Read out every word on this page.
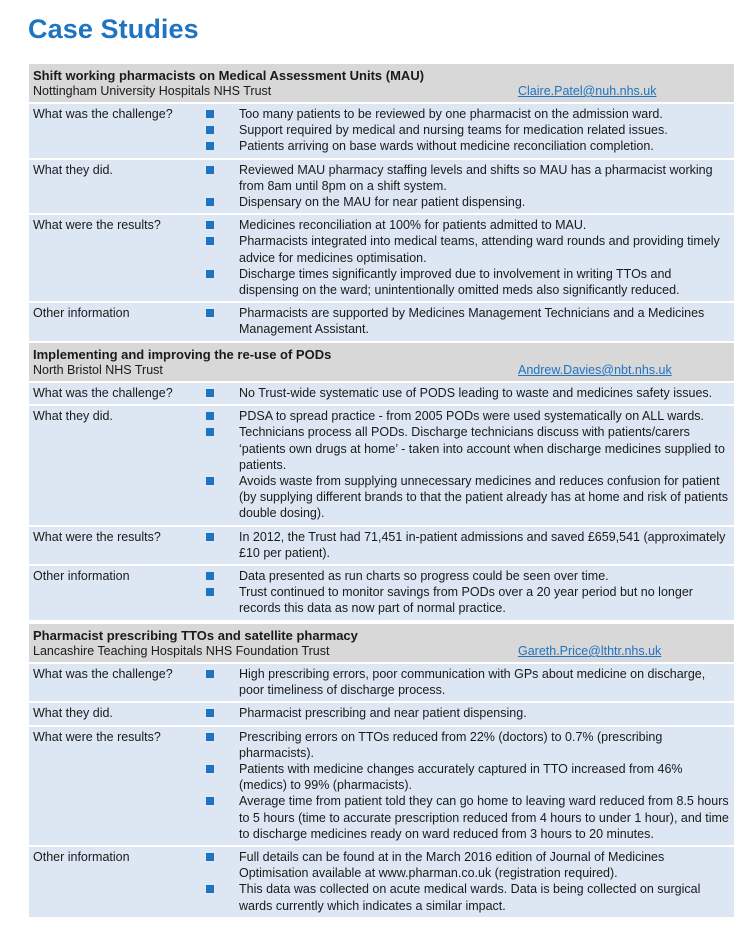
Case Studies
Shift working pharmacists on Medical Assessment Units (MAU)
Nottingham University Hospitals NHS Trust	Claire.Patel@nuh.nhs.uk
What was the challenge?	Too many patients to be reviewed by one pharmacist on the admission ward.
Support required by medical and nursing teams for medication related issues.
Patients arriving on base wards without medicine reconciliation completion.
What they did.	Reviewed MAU pharmacy staffing levels and shifts so MAU has a pharmacist working from 8am until 8pm on a shift system.
Dispensary on the MAU for near patient dispensing.
What were the results?	Medicines reconciliation at 100% for patients admitted to MAU.
Pharmacists integrated into medical teams, attending ward rounds and providing timely advice for medicines optimisation.
Discharge times significantly improved due to involvement in writing TTOs and dispensing on the ward; unintentionally omitted meds also significantly reduced.
Other information	Pharmacists are supported by Medicines Management Technicians and a Medicines Management Assistant.
Implementing and improving the re-use of PODs
North Bristol NHS Trust	Andrew.Davies@nbt.nhs.uk
What was the challenge?	No Trust-wide systematic use of PODS leading to waste and medicines safety issues.
What they did.	PDSA to spread practice - from 2005 PODs were used systematically on ALL wards.
Technicians process all PODs. Discharge technicians discuss with patients/carers ‘patients own drugs at home’ - taken into account when discharge medicines supplied to patients.
Avoids waste from supplying unnecessary medicines and reduces confusion for patient (by supplying different brands to that the patient already has at home and risk of patients double dosing).
What were the results?	In 2012, the Trust had 71,451 in-patient admissions and saved £659,541 (approximately £10 per patient).
Other information	Data presented as run charts so progress could be seen over time.
Trust continued to monitor savings from PODs over a 20 year period but no longer records this data as now part of normal practice.
Pharmacist prescribing TTOs and satellite pharmacy
Lancashire Teaching Hospitals NHS Foundation Trust	Gareth.Price@lthtr.nhs.uk
What was the challenge?	High prescribing errors, poor communication with GPs about medicine on discharge, poor timeliness of discharge process.
What they did.	Pharmacist prescribing and near patient dispensing.
What were the results?	Prescribing errors on TTOs reduced from 22% (doctors) to 0.7% (prescribing pharmacists).
Patients with medicine changes accurately captured in TTO increased from 46% (medics) to 99% (pharmacists).
Average time from patient told they can go home to leaving ward reduced from 8.5 hours to 5 hours (time to accurate prescription reduced from 4 hours to under 1 hour), and time to discharge medicines ready on ward reduced from 3 hours to 20 minutes.
Other information	Full details can be found at in the March 2016 edition of Journal of Medicines Optimisation available at www.pharman.co.uk (registration required).
This data was collected on acute medical wards. Data is being collected on surgical wards currently which indicates a similar impact.
